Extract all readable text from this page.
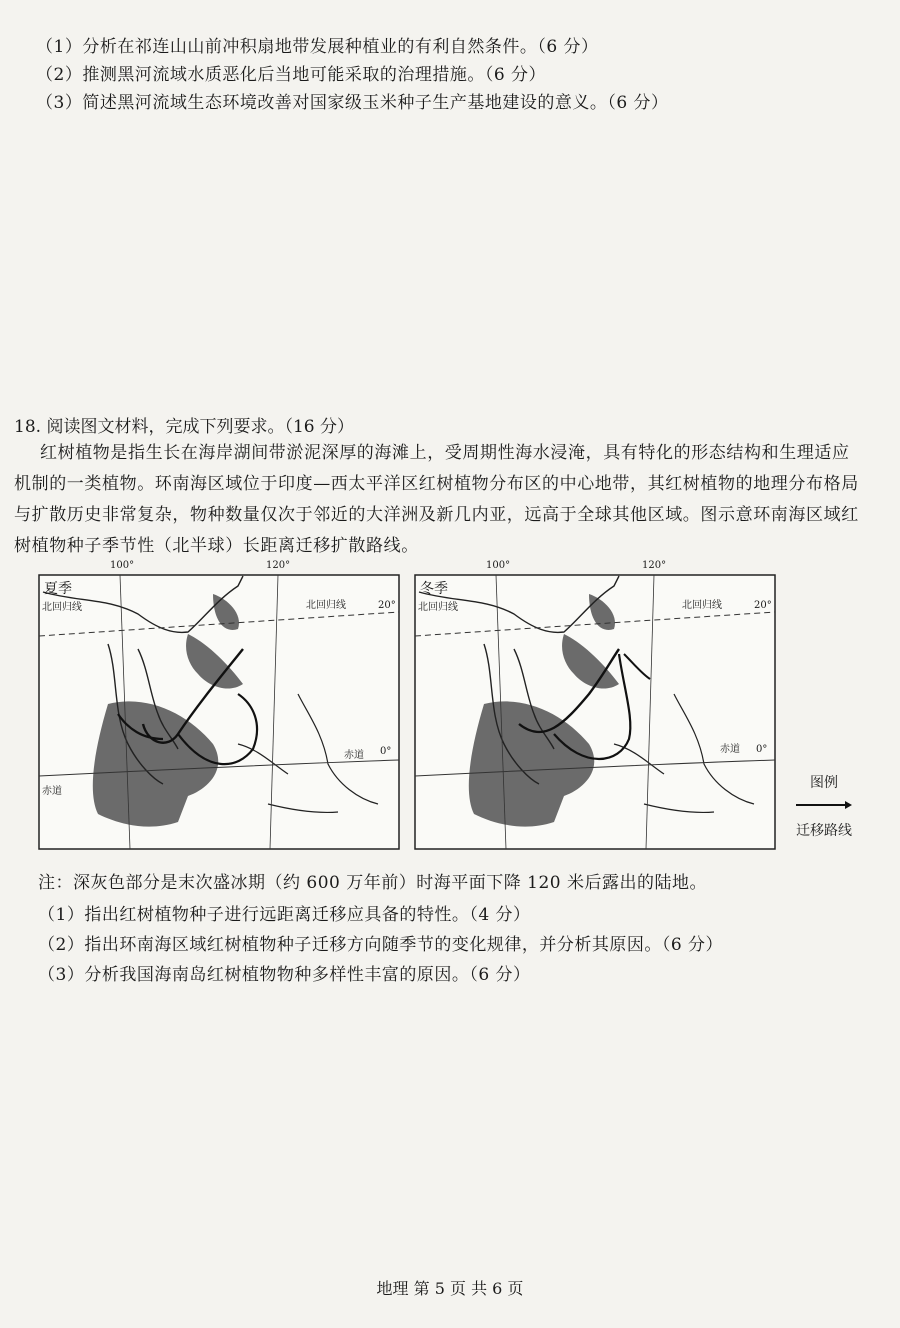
（1）分析在祁连山山前冲积扇地带发展种植业的有利自然条件。（6 分）
（2）推测黑河流域水质恶化后当地可能采取的治理措施。（6 分）
（3）简述黑河流域生态环境改善对国家级玉米种子生产基地建设的意义。（6 分）
18. 阅读图文材料，完成下列要求。（16 分）

红树植物是指生长在海岸湖间带淤泥深厚的海滩上，受周期性海水浸淹，具有特化的形态结构和生理适应机制的一类植物。环南海区域位于印度—西太平洋区红树植物分布区的中心地带，其红树植物的地理分布格局与扩散历史非常复杂，物种数量仅次于邻近的大洋洲及新几内亚，远高于全球其他区域。图示意环南海区域红树植物种子季节性（北半球）长距离迁移扩散路线。

夏季
100°	120°
北回归线	北回归线	20°
赤道 0°
赤道
冬季
100°	120°
北回归线	北回归线	20°
赤道 0°
图例
迁移路线
注：深灰色部分是末次盛冰期（约 600 万年前）时海平面下降 120 米后露出的陆地。
（1）指出红树植物种子进行远距离迁移应具备的特性。（4 分）
（2）指出环南海区域红树植物种子迁移方向随季节的变化规律，并分析其原因。（6 分）
（3）分析我国海南岛红树植物物种多样性丰富的原因。（6 分）
地理 第 5 页 共 6 页
